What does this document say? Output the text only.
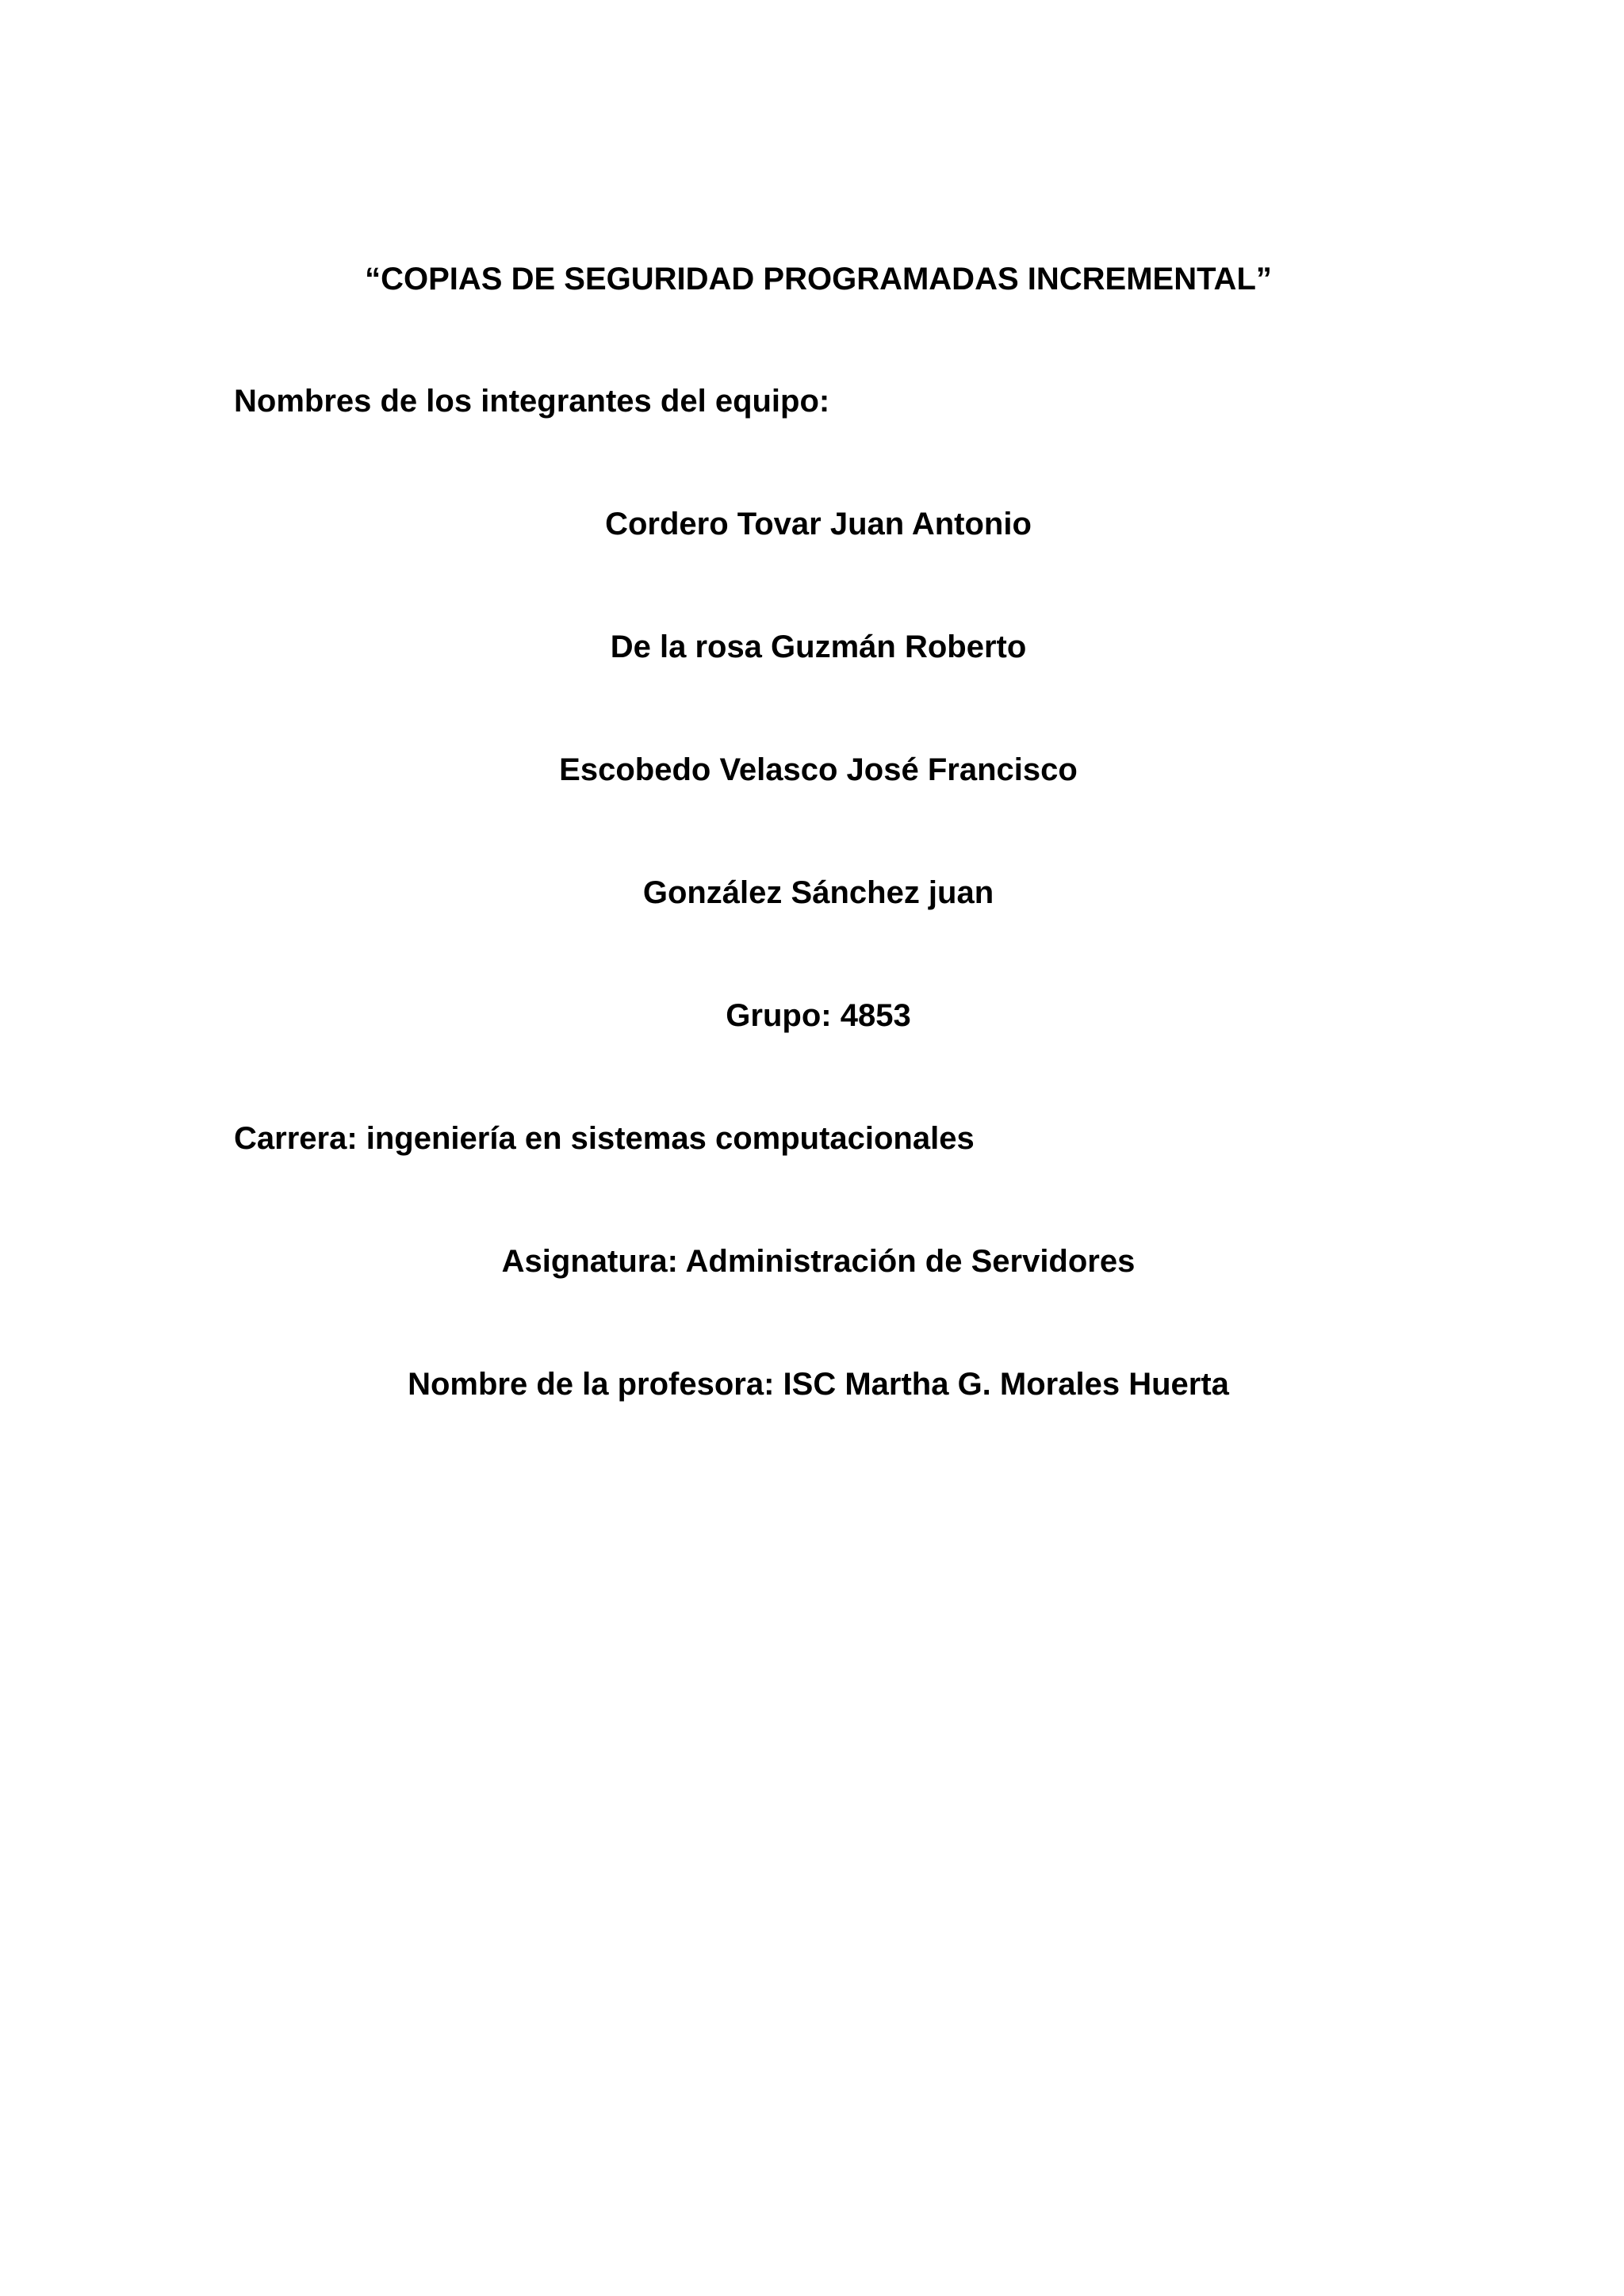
“COPIAS DE SEGURIDAD PROGRAMADAS INCREMENTAL”
Nombres de los integrantes del equipo:
Cordero Tovar Juan Antonio
De la rosa Guzmán Roberto
Escobedo Velasco José Francisco
González Sánchez juan
Grupo: 4853
Carrera: ingeniería en sistemas computacionales
Asignatura: Administración de Servidores
Nombre de la profesora: ISC Martha G. Morales Huerta
